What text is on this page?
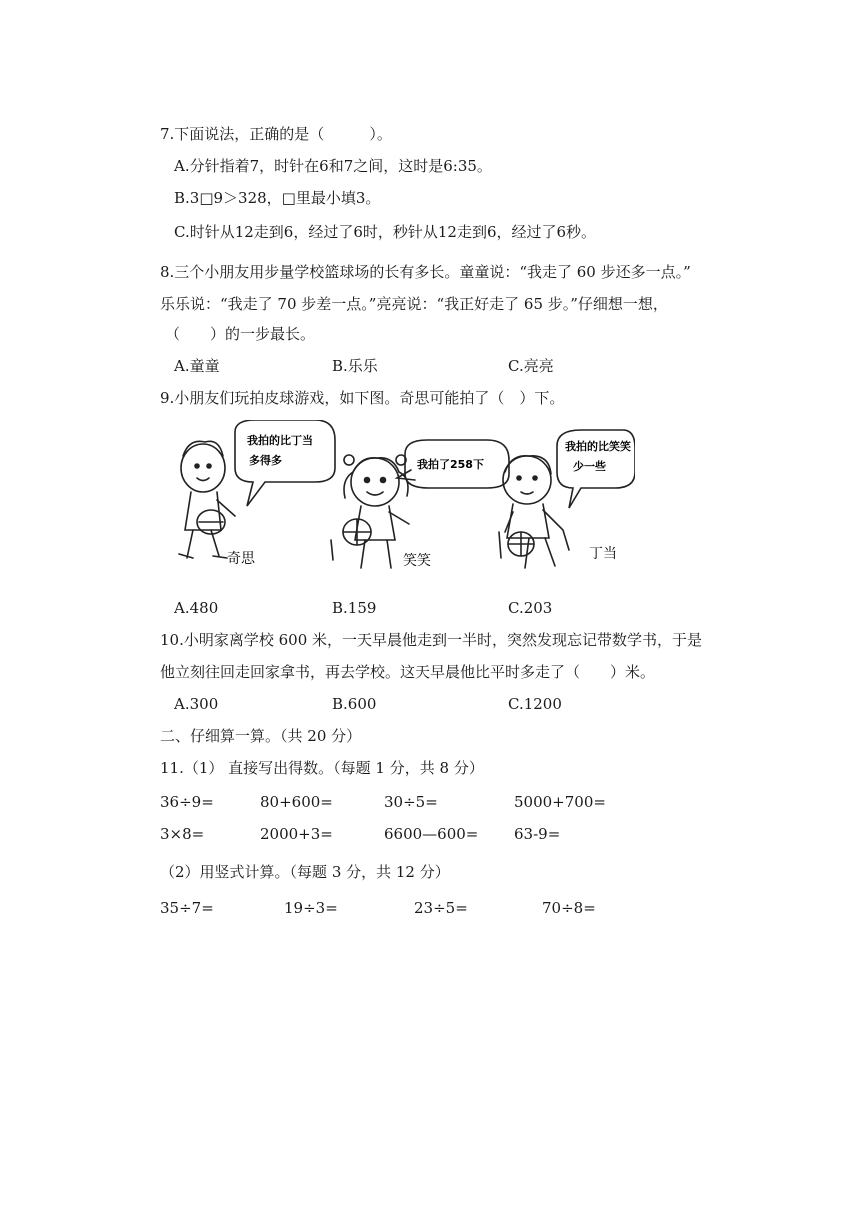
7.下面说法，正确的是（　　　）。
A.分针指着7，时针在6和7之间，这时是6:35。
B.3□9＞328，□里最小填3。
C.时针从12走到6，经过了6时，秒针从12走到6，经过了6秒。
8.三个小朋友用步量学校篮球场的长有多长。童童说：“我走了 60 步还多一点。”
乐乐说：“我走了 70 步差一点。”亮亮说：“我正好走了 65 步。”仔细想一想，
（　　）的一步最长。
A.童童	B.乐乐	C.亮亮
9.小朋友们玩拍皮球游戏，如下图。奇思可能拍了（　）下。
我拍的比丁当
多得多	我拍了258下
我拍的比笑笑
少一些
奇思	笑笑	丁当
A.480	B.159	C.203
10.小明家离学校 600 米，一天早晨他走到一半时，突然发现忘记带数学书，于是
他立刻往回走回家拿书，再去学校。这天早晨他比平时多走了（　　）米。
A.300	B.600	C.1200
二、仔细算一算。（共 20 分）
11.（1） 直接写出得数。（每题 1 分，共 8 分）
36÷9=	80+600=	30÷5=	5000+700=
3×8=	2000+3=	6600—600= 63-9=
（2）用竖式计算。（每题 3 分，共 12 分）
35÷7=	19÷3=	23÷5=	70÷8=
